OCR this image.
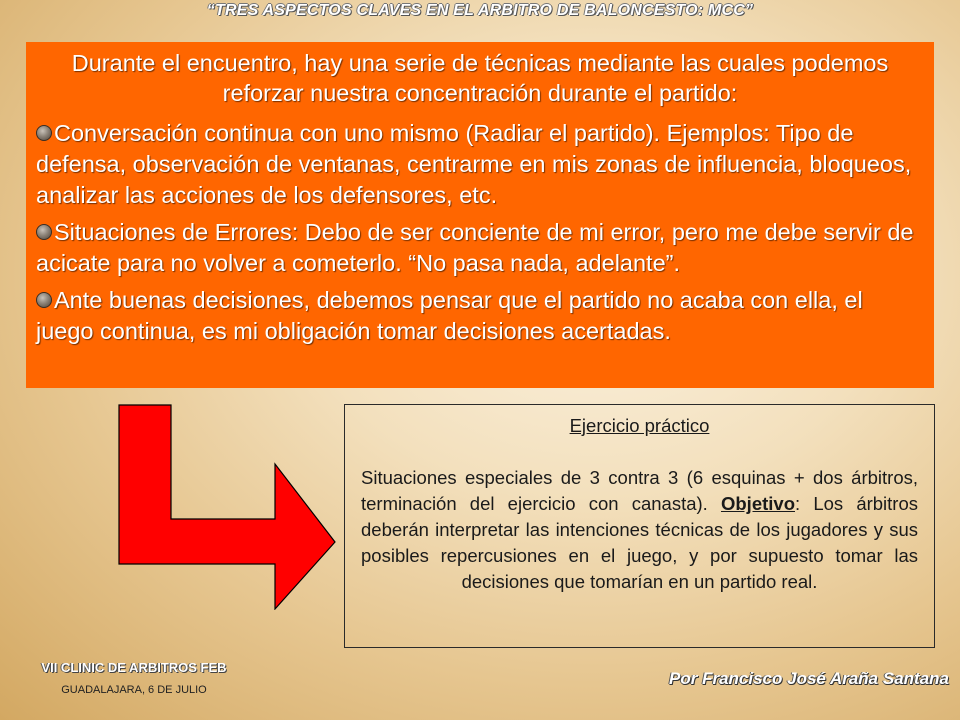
“TRES ASPECTOS CLAVES EN EL ARBITRO DE BALONCESTO: MCC”

Durante el encuentro, hay una serie de técnicas mediante las cuales podemos reforzar nuestra concentración durante el partido:

Conversación continua con uno mismo (Radiar el partido). Ejemplos: Tipo de defensa, observación de ventanas, centrarme en mis zonas de influencia, bloqueos, analizar las acciones de los defensores, etc.

Situaciones de Errores: Debo de ser conciente de mi error, pero me debe servir de acicate para no volver a cometerlo. “No pasa nada, adelante”.

Ante buenas decisiones, debemos pensar que el partido no acaba con ella, el juego continua, es mi obligación tomar decisiones acertadas.

Ejercicio práctico

Situaciones especiales de 3 contra 3 (6 esquinas + dos árbitros, terminación del ejercicio con canasta). Objetivo: Los árbitros deberán interpretar las intenciones técnicas de los jugadores y sus posibles repercusiones en el juego, y por supuesto tomar las decisiones que tomarían en un partido real.

VII CLINIC DE ARBITROS FEB
GUADALAJARA, 6 DE JULIO
Por Francisco José Araña Santana
